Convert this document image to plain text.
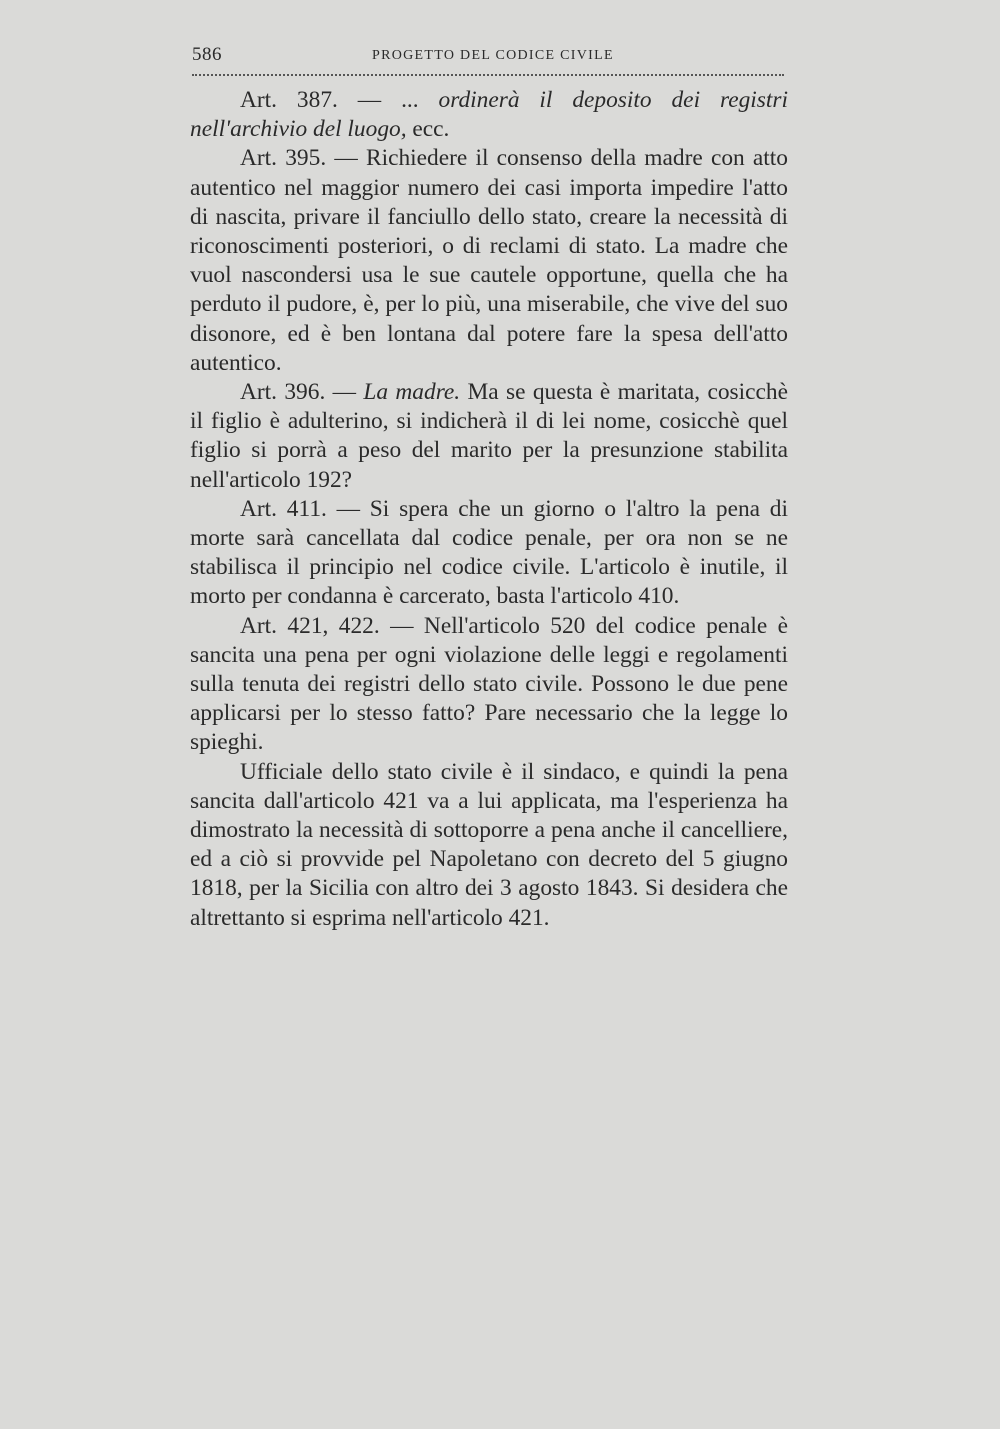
586	PROGETTO DEL CODICE CIVILE

Art. 387. — ... ordinerà il deposito dei registri nell'archivio del luogo, ecc.

Art. 395. — Richiedere il consenso della madre con atto autentico nel maggior numero dei casi importa impedire l'atto di nascita, privare il fanciullo dello stato, creare la necessità di riconoscimenti posteriori, o di reclami di stato. La madre che vuol nascondersi usa le sue cautele opportune, quella che ha perduto il pudore, è, per lo più, una miserabile, che vive del suo disonore, ed è ben lontana dal potere fare la spesa dell'atto autentico.

Art. 396. — La madre. Ma se questa è maritata, cosicchè il figlio è adulterino, si indicherà il di lei nome, cosicchè quel figlio si porrà a peso del marito per la presunzione stabilita nell'articolo 192?

Art. 411. — Si spera che un giorno o l'altro la pena di morte sarà cancellata dal codice penale, per ora non se ne stabilisca il principio nel codice civile. L'articolo è inutile, il morto per condanna è carcerato, basta l'articolo 410.

Art. 421, 422. — Nell'articolo 520 del codice penale è sancita una pena per ogni violazione delle leggi e regolamenti sulla tenuta dei registri dello stato civile. Possono le due pene applicarsi per lo stesso fatto? Pare necessario che la legge lo spieghi.

Ufficiale dello stato civile è il sindaco, e quindi la pena sancita dall'articolo 421 va a lui applicata, ma l'esperienza ha dimostrato la necessità di sottoporre a pena anche il cancelliere, ed a ciò si provvide pel Napoletano con decreto del 5 giugno 1818, per la Sicilia con altro dei 3 agosto 1843. Si desidera che altrettanto si esprima nell'articolo 421.
